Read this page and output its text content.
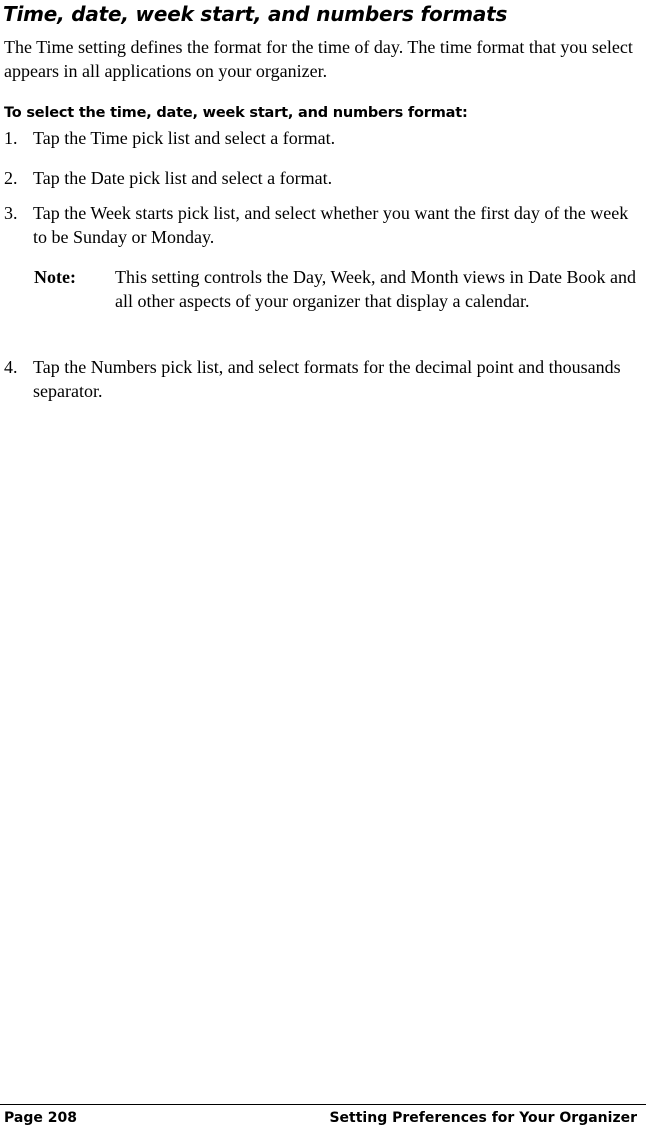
Time, date, week start, and numbers formats
The Time setting defines the format for the time of day. The time format that you select appears in all applications on your organizer.
To select the time, date, week start, and numbers format:
1. Tap the Time pick list and select a format.
2. Tap the Date pick list and select a format.
3. Tap the Week starts pick list, and select whether you want the first day of the week to be Sunday or Monday.
Note: This setting controls the Day, Week, and Month views in Date Book and all other aspects of your organizer that display a calendar.
4. Tap the Numbers pick list, and select formats for the decimal point and thousands separator.
Page 208	Setting Preferences for Your Organizer
